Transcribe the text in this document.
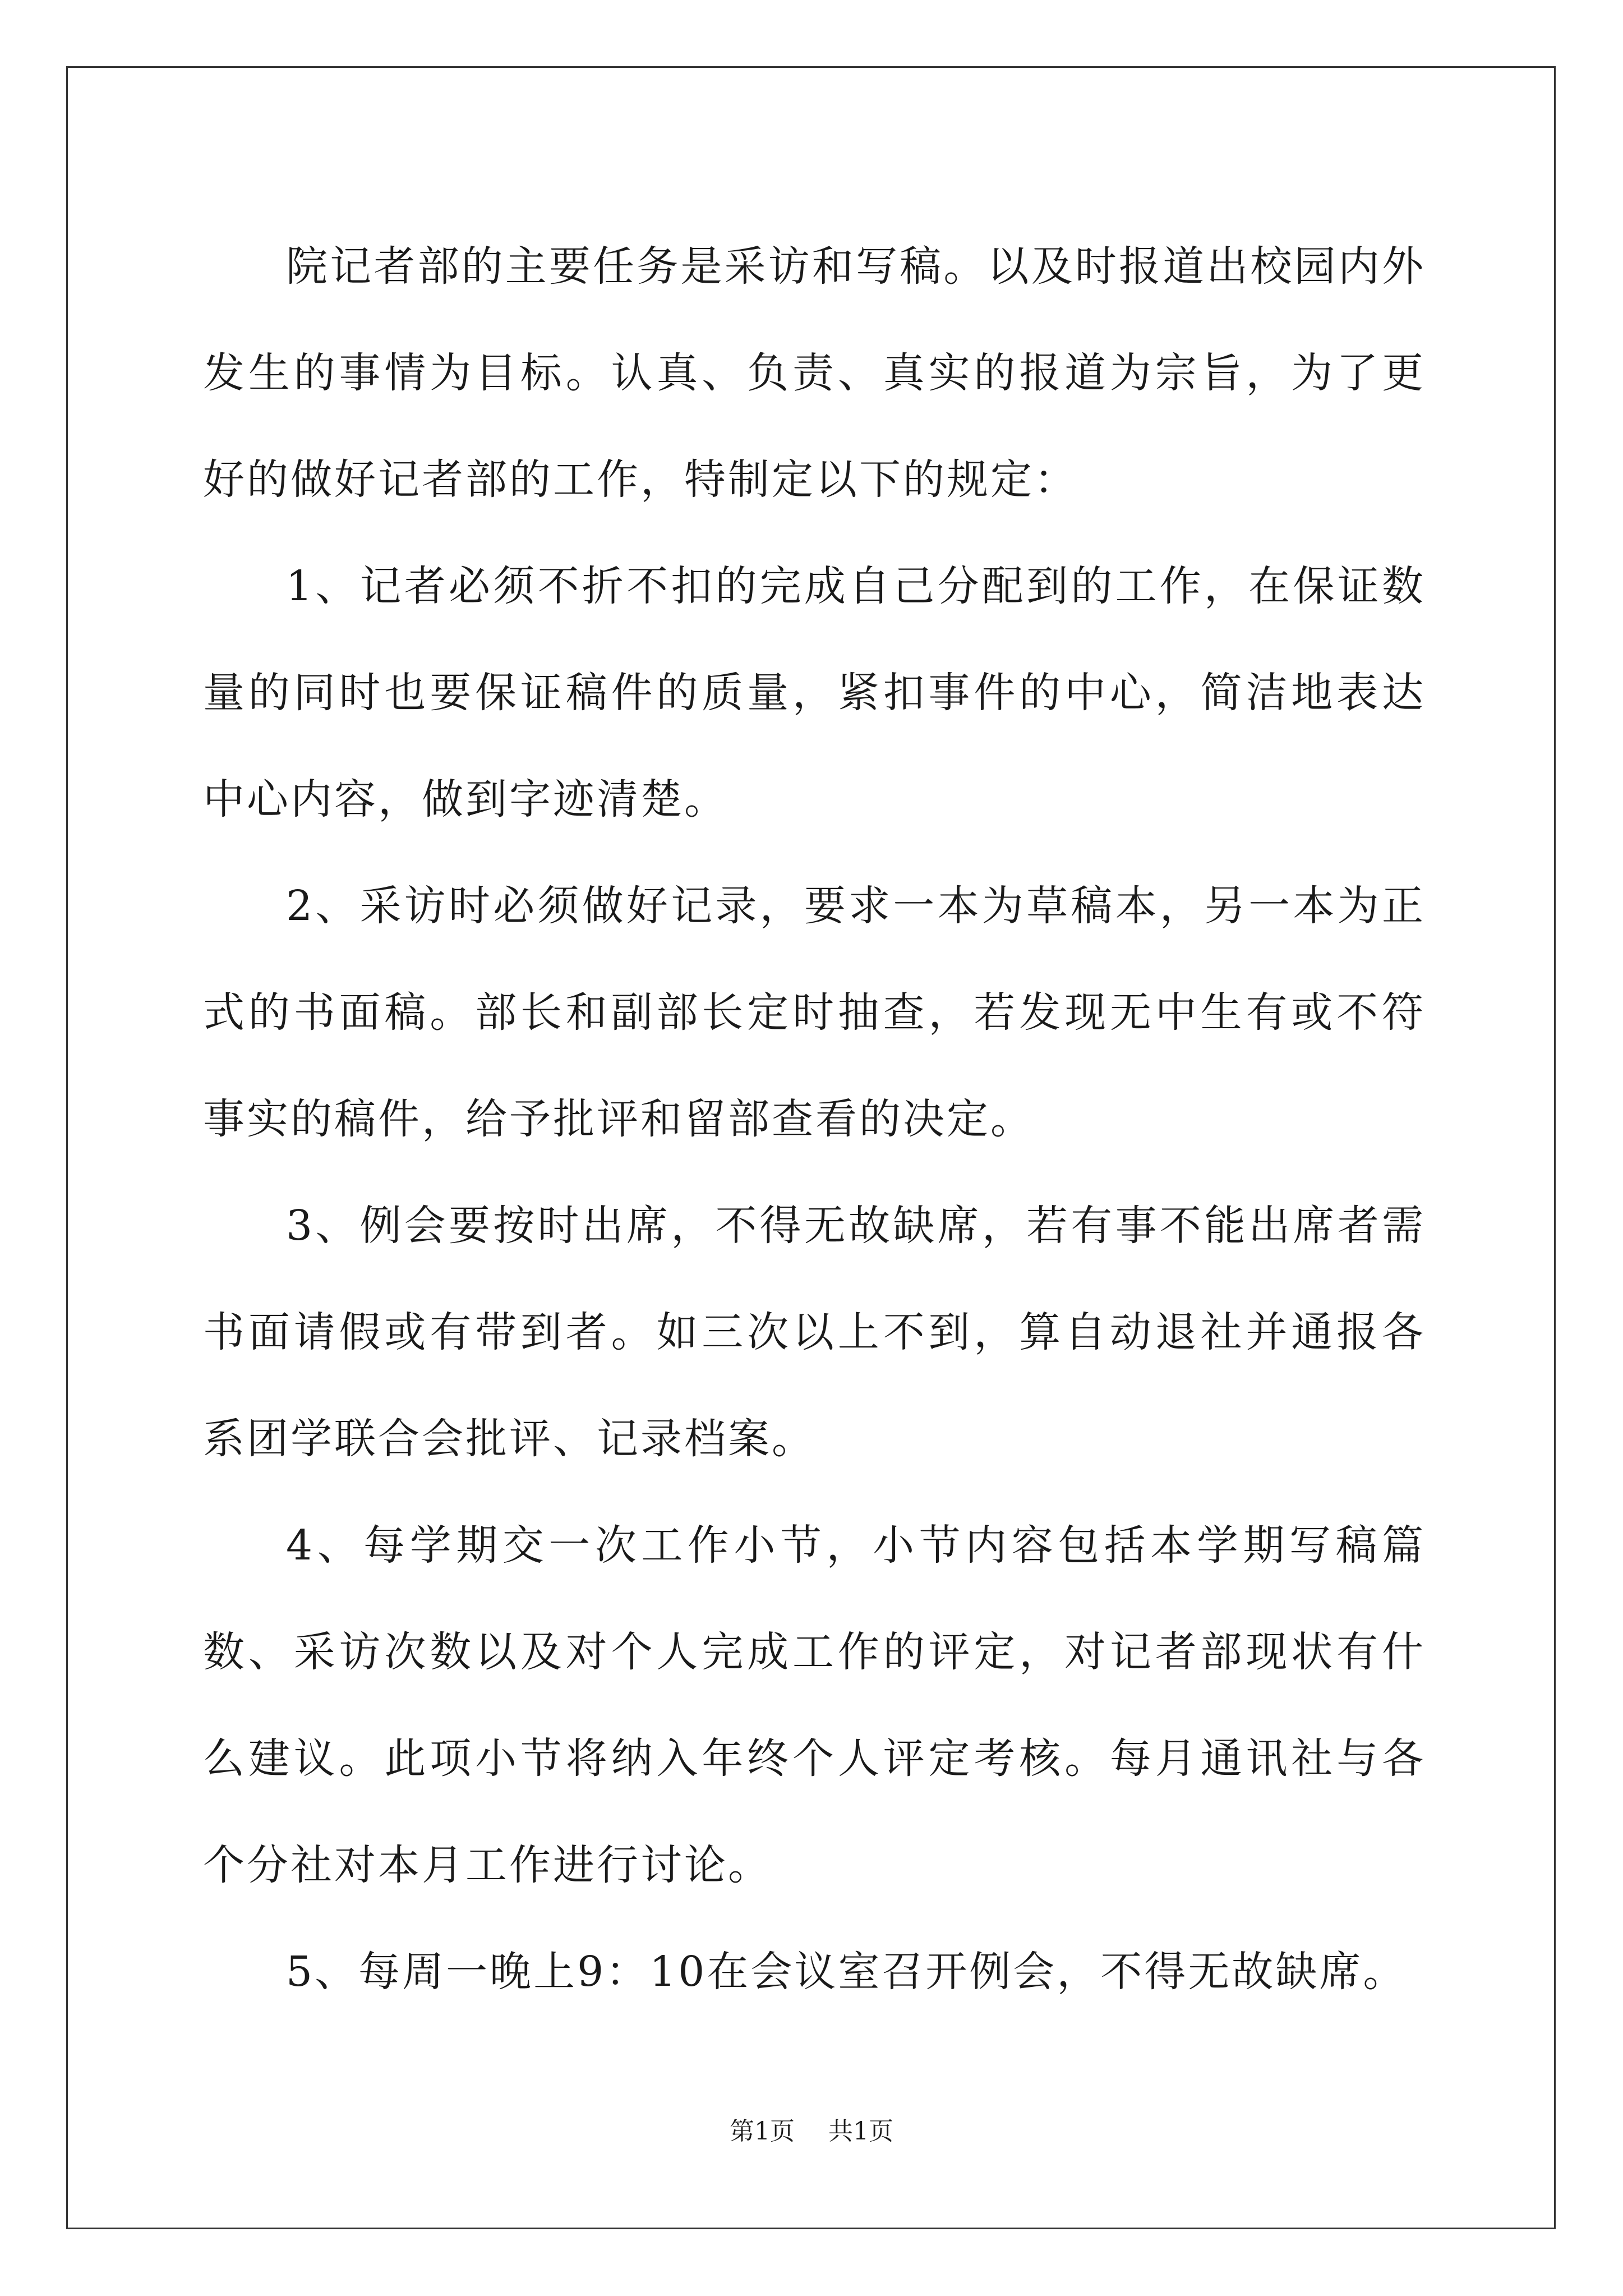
院记者部的主要任务是采访和写稿。以及时报道出校园内外发生的事情为目标。认真、负责、真实的报道为宗旨，为了更好的做好记者部的工作，特制定以下的规定：

1、记者必须不折不扣的完成自己分配到的工作，在保证数量的同时也要保证稿件的质量，紧扣事件的中心，简洁地表达中心内容，做到字迹清楚。

2、采访时必须做好记录，要求一本为草稿本，另一本为正式的书面稿。部长和副部长定时抽查，若发现无中生有或不符事实的稿件，给予批评和留部查看的决定。

3、例会要按时出席，不得无故缺席，若有事不能出席者需书面请假或有带到者。如三次以上不到，算自动退社并通报各系团学联合会批评、记录档案。

4、每学期交一次工作小节，小节内容包括本学期写稿篇数、采访次数以及对个人完成工作的评定，对记者部现状有什么建议。此项小节将纳入年终个人评定考核。每月通讯社与各个分社对本月工作进行讨论。

5、每周一晚上9：10在会议室召开例会，不得无故缺席。

第1页 共1页
